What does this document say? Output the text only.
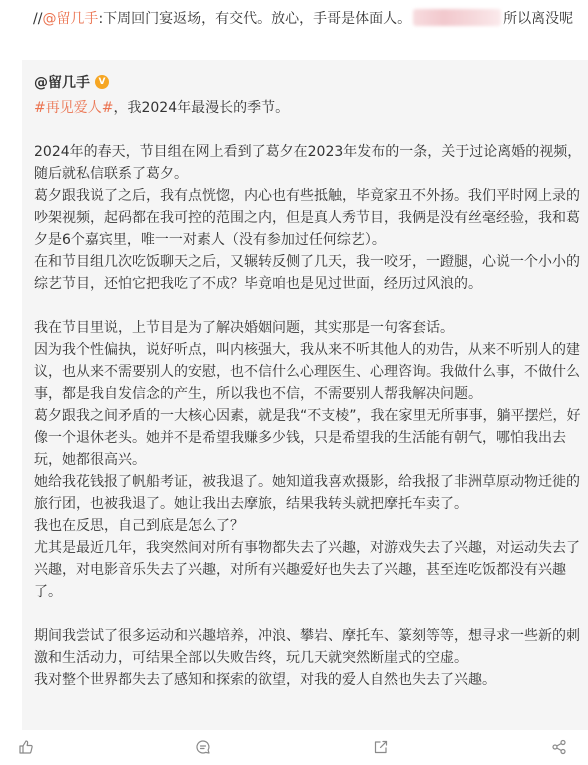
//@留几手:下周回门宴返场，有交代。放心，手哥是体面人。	所以离没呢
@留几手 V

#再见爱人#，我2024年最漫长的季节。

2024年的春天，节目组在网上看到了葛夕在2023年发布的一条，关于过论离婚的视频，随后就私信联系了葛夕。

葛夕跟我说了之后，我有点恍惚，内心也有些抵触，毕竟家丑不外扬。我们平时网上录的吵架视频，起码都在我可控的范围之内，但是真人秀节目，我俩是没有丝毫经验，我和葛夕是6个嘉宾里，唯一一对素人（没有参加过任何综艺）。

在和节目组几次吃饭聊天之后，又辗转反侧了几天，我一咬牙，一蹬腿，心说一个小小的综艺节目，还怕它把我吃了不成？毕竟咱也是见过世面，经历过风浪的。

我在节目里说，上节目是为了解决婚姻问题，其实那是一句客套话。

因为我个性偏执，说好听点，叫内核强大，我从来不听其他人的劝告，从来不听别人的建议，也从来不需要别人的安慰，也不信什么心理医生、心理咨询。我做什么事，不做什么事，都是我自发信念的产生，所以我也不信，不需要别人帮我解决问题。

葛夕跟我之间矛盾的一大核心因素，就是我“不支棱”，我在家里无所事事，躺平摆烂，好像一个退休老头。她并不是希望我赚多少钱，只是希望我的生活能有朝气，哪怕我出去玩，她都很高兴。

她给我花钱报了帆船考证，被我退了。她知道我喜欢摄影，给我报了非洲草原动物迁徙的旅行团，也被我退了。她让我出去摩旅，结果我转头就把摩托车卖了。

我也在反思，自己到底是怎么了？

尤其是最近几年，我突然间对所有事物都失去了兴趣，对游戏失去了兴趣，对运动失去了兴趣，对电影音乐失去了兴趣，对所有兴趣爱好也失去了兴趣，甚至连吃饭都没有兴趣了。

期间我尝试了很多运动和兴趣培养，冲浪、攀岩、摩托车、篆刻等等，想寻求一些新的刺激和生活动力，可结果全部以失败告终，玩几天就突然断崖式的空虚。

我对整个世界都失去了感知和探索的欲望，对我的爱人自然也失去了兴趣。
